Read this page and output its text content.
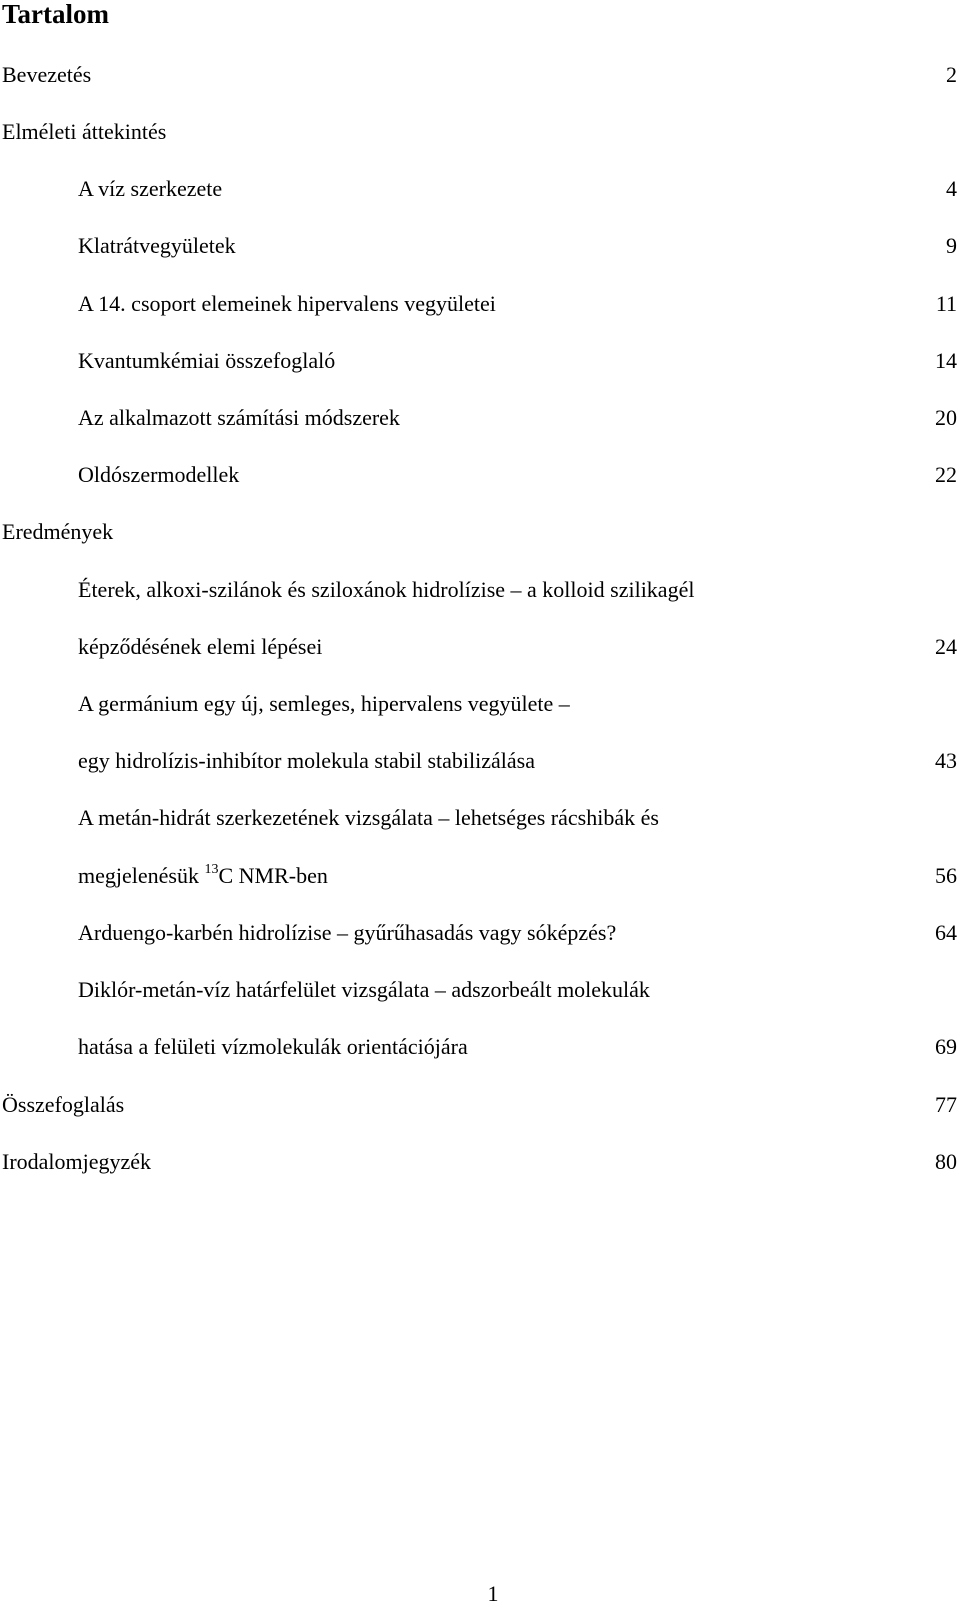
Tartalom
Bevezetés	2
Elméleti áttekintés
A víz szerkezete	4
Klatrátvegyületek	9
A 14. csoport elemeinek hipervalens vegyületei	11
Kvantumkémiai összefoglaló	14
Az alkalmazott számítási módszerek	20
Oldószermodellek	22
Eredmények
Éterek, alkoxi-szilánok és sziloxánok hidrolízise – a kolloid szilikagél
képződésének elemi lépései	24
A germánium egy új, semleges, hipervalens vegyülete –
egy hidrolízis-inhibítor molekula stabil stabilizálása	43
A metán-hidrát szerkezetének vizsgálata – lehetséges rácshibák és
megjelenésük $^{13}$C NMR-ben	56
Arduengo-karbén hidrolízise – gyűrűhasadás vagy sóképzés?	64
Diklór-metán-víz határfelület vizsgálata – adszorbeált molekulák
hatása a felületi vízmolekulák orientációjára	69
Összefoglalás	77
Irodalomjegyzék	80
1
